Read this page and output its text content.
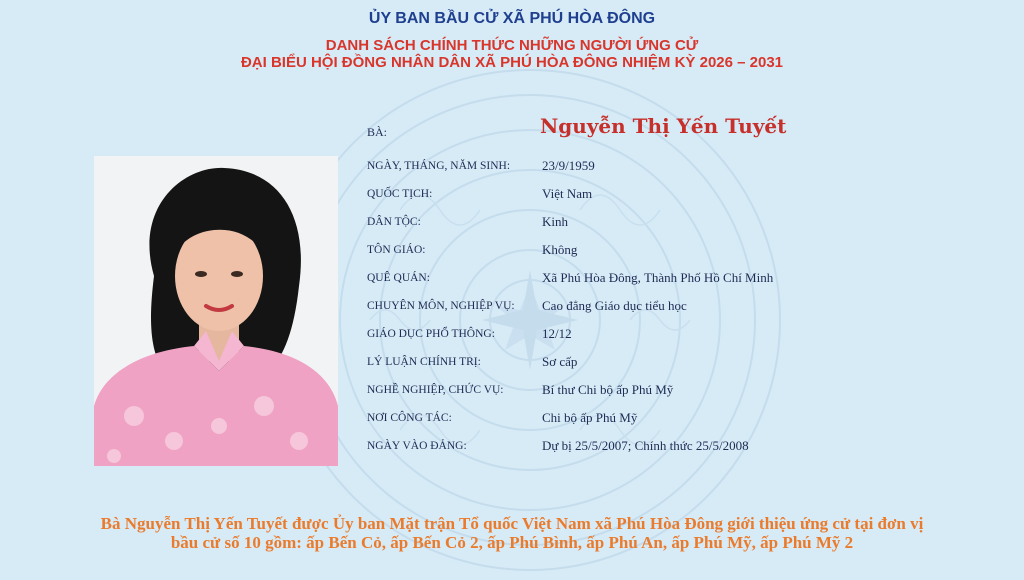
ỦY BAN BẦU CỬ XÃ PHÚ HÒA ĐÔNG
DANH SÁCH CHÍNH THỨC NHỮNG NGƯỜI ỨNG CỬ
ĐẠI BIỂU HỘI ĐỒNG NHÂN DÂN XÃ PHÚ HÒA ĐÔNG NHIỆM KỲ 2026 – 2031
BÀ:	Nguyễn Thị Yến Tuyết
NGÀY, THÁNG, NĂM SINH:	23/9/1959
QUỐC TỊCH:	Việt Nam
DÂN TỘC:	Kinh
TÔN GIÁO:	Không
QUÊ QUÁN:	Xã Phú Hòa Đông, Thành Phố Hồ Chí Minh
CHUYÊN MÔN, NGHIỆP VỤ:	Cao đẳng Giáo dục tiểu học
GIÁO DỤC PHỔ THÔNG:	12/12
LÝ LUẬN CHÍNH TRỊ:	Sơ cấp
NGHỀ NGHIỆP, CHỨC VỤ:	Bí thư Chi bộ ấp Phú Mỹ
NƠI CÔNG TÁC:	Chi bộ ấp Phú Mỹ
NGÀY VÀO ĐẢNG:	Dự bị 25/5/2007; Chính thức 25/5/2008
Bà Nguyễn Thị Yến Tuyết được Ủy ban Mặt trận Tổ quốc Việt Nam xã Phú Hòa Đông giới thiệu ứng cử tại đơn vị
bầu cử số 10 gồm: ấp Bến Cỏ, ấp Bến Cỏ 2, ấp Phú Bình, ấp Phú An, ấp Phú Mỹ, ấp Phú Mỹ 2
